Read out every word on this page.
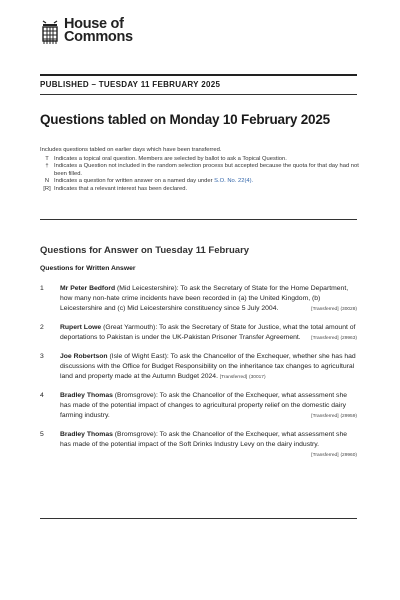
House of
Commons
PUBLISHED – TUESDAY 11 FEBRUARY 2025
Questions tabled on Monday 10 February 2025
Includes questions tabled on earlier days which have been transferred.
T Indicates a topical oral question. Members are selected by ballot to ask a Topical Question.
† Indicates a Question not included in the random selection process but accepted because the quota for that day had not been filled.
N Indicates a question for written answer on a named day under S.O. No. 22(4).
[R] Indicates that a relevant interest has been declared.
Questions for Answer on Tuesday 11 February
Questions for Written Answer
1	Mr Peter Bedford (Mid Leicestershire): To ask the Secretary of State for the Home Department, how many non-hate crime incidents have been recorded in (a) the United Kingdom, (b) Leicestershire and (c) Mid Leicestershire constituency since 5 July 2004.	[Transferred] (30028)
2	Rupert Lowe (Great Yarmouth): To ask the Secretary of State for Justice, what the total amount of deportations to Pakistan is under the UK-Pakistan Prisoner Transfer Agreement. [Transferred] (29963)
3	Joe Robertson (Isle of Wight East): To ask the Chancellor of the Exchequer, whether she has had discussions with the Office for Budget Responsibility on the inheritance tax changes to agricultural land and property made at the Autumn Budget 2024. [Transferred] (30017)
4	Bradley Thomas (Bromsgrove): To ask the Chancellor of the Exchequer, what assessment she has made of the potential impact of changes to agricultural property relief on the domestic dairy farming industry.	[Transferred] (29959)
5	Bradley Thomas (Bromsgrove): To ask the Chancellor of the Exchequer, what assessment she has made of the potential impact of the Soft Drinks Industry Levy on the dairy industry.
[Transferred] (29960)
